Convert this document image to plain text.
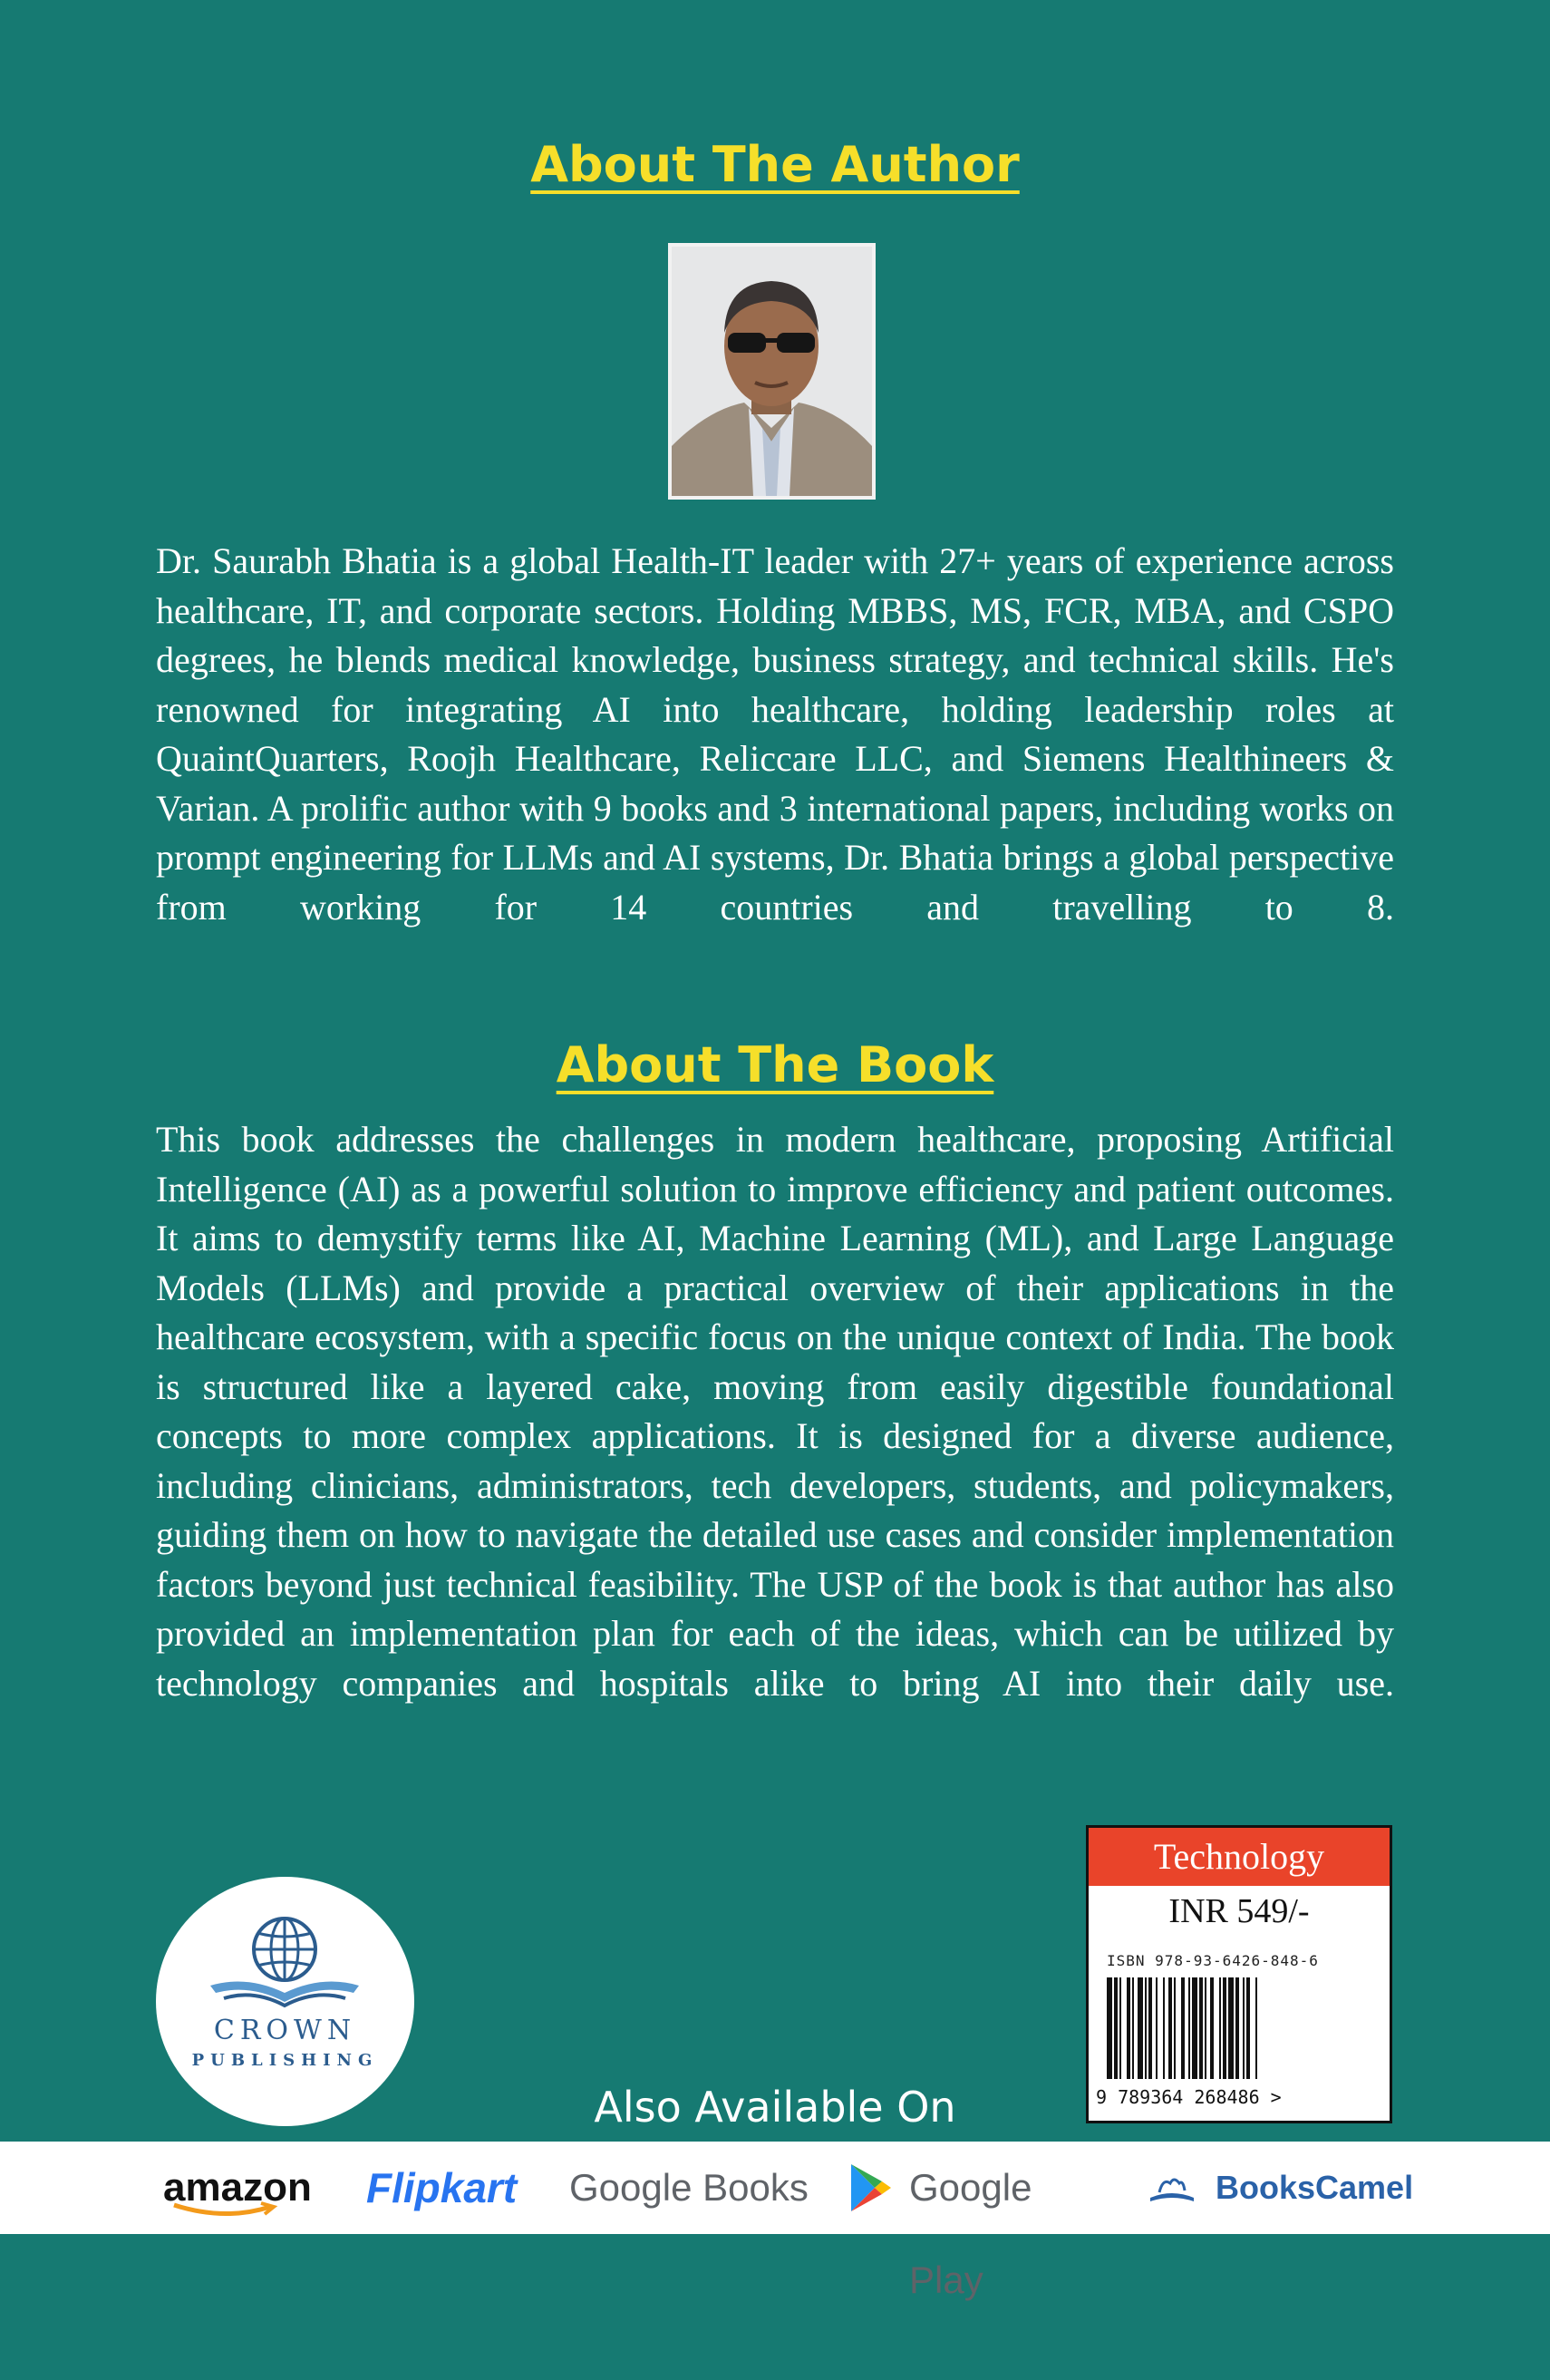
About The Author
Dr. Saurabh Bhatia is a global Health-IT leader with 27+ years of experience across healthcare, IT, and corporate sectors. Holding MBBS, MS, FCR, MBA, and CSPO degrees, he blends medical knowledge, business strategy, and technical skills. He's renowned for integrating AI into healthcare, holding leadership roles at QuaintQuarters, Roojh Healthcare, Reliccare LLC, and Siemens Healthineers & Varian. A prolific author with 9 books and 3 international papers, including works on prompt engineering for LLMs and AI systems, Dr. Bhatia brings a global perspective from working for 14 countries and travelling to 8.
About The Book
This book addresses the challenges in modern healthcare, proposing Artificial Intelligence (AI) as a powerful solution to improve efficiency and patient outcomes. It aims to demystify terms like AI, Machine Learning (ML), and Large Language Models (LLMs) and provide a practical overview of their applications in the healthcare ecosystem, with a specific focus on the unique context of India. The book is structured like a layered cake, moving from easily digestible foundational concepts to more complex applications. It is designed for a diverse audience, including clinicians, administrators, tech developers, students, and policymakers, guiding them on how to navigate the detailed use cases and consider implementation factors beyond just technical feasibility. The USP of the book is that author has also provided an implementation plan for each of the ideas, which can be utilized by technology companies and hospitals alike to bring AI into their daily use.
CROWN
PUBLISHING
Technology
INR 549/-
ISBN 978-93-6426-848-6
9 789364 268486 >
Also Available On
amazon Flipkart Google Books	Google Play
BooksCamel
